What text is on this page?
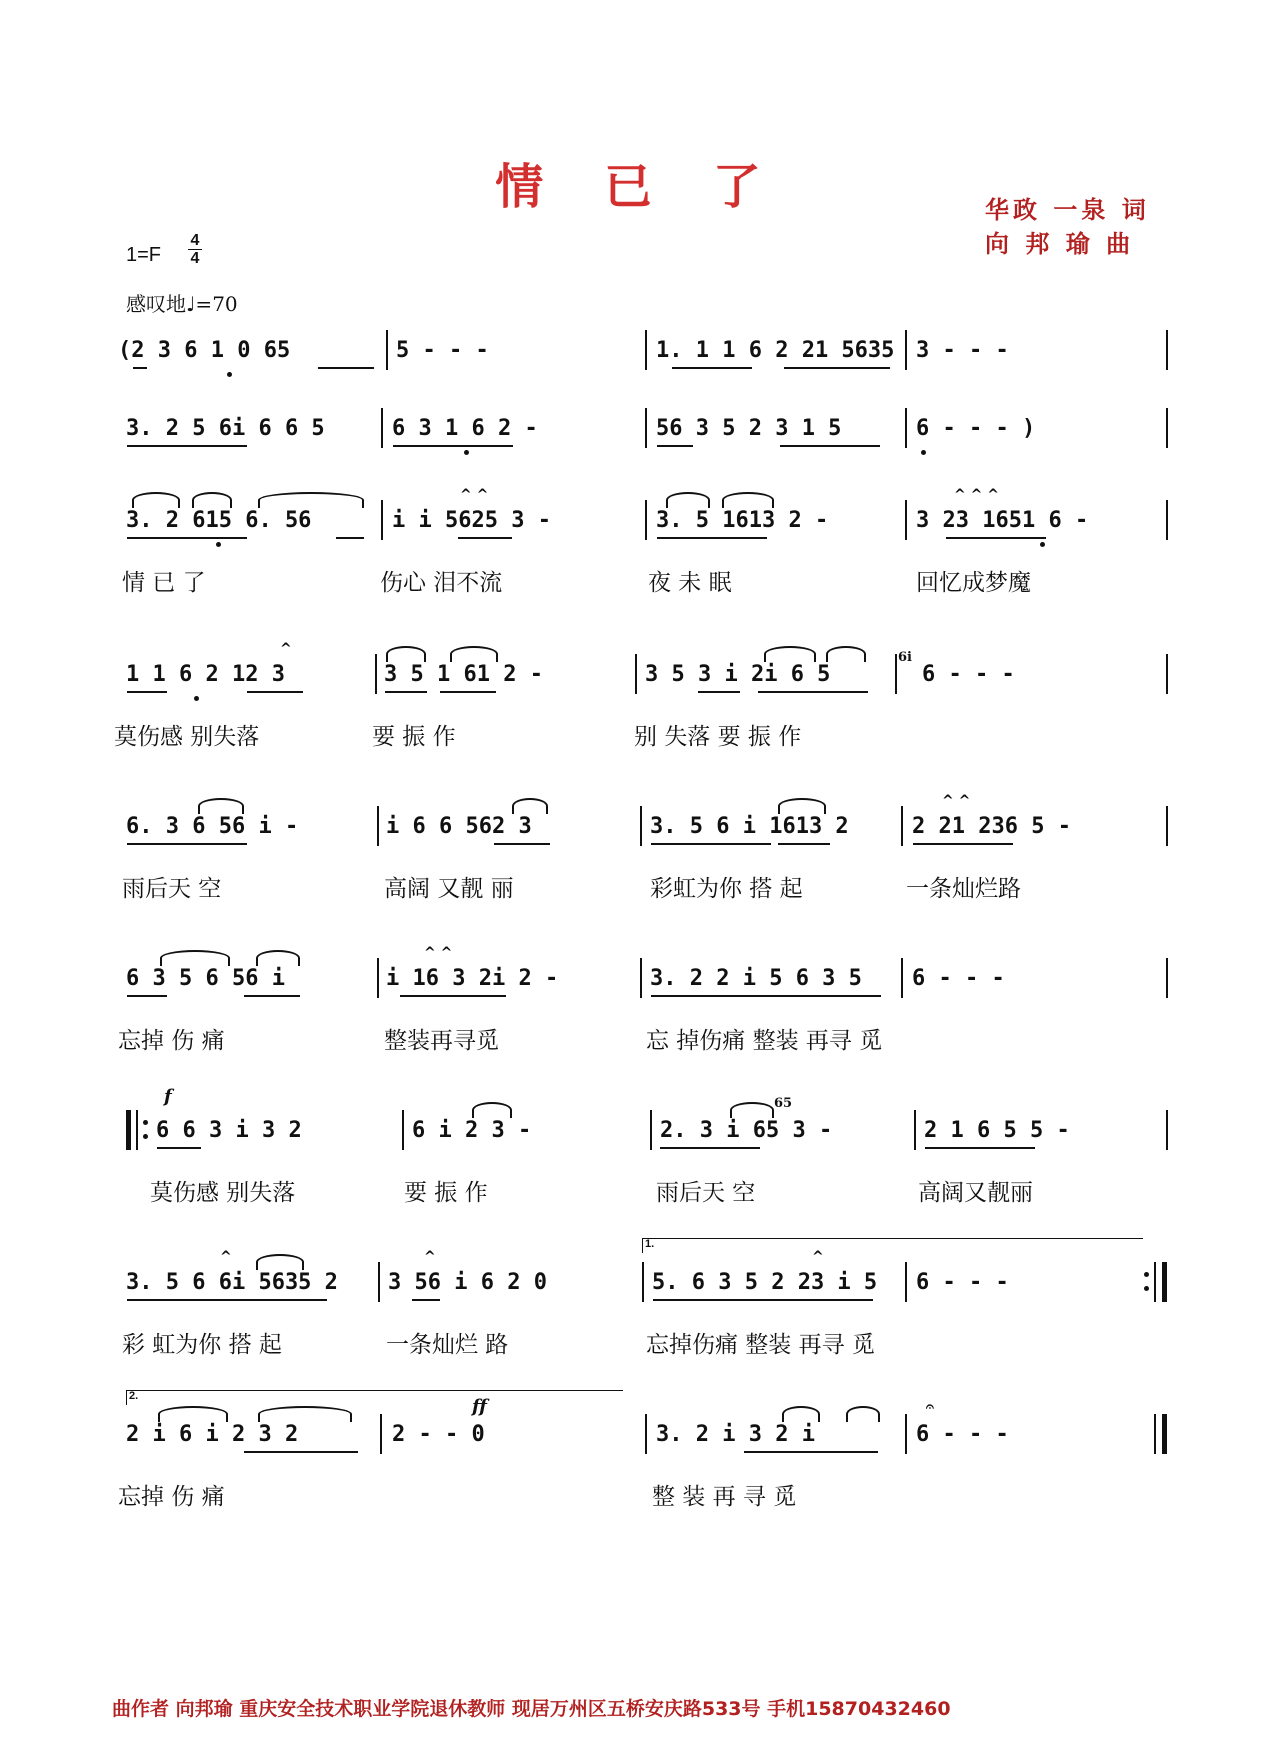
情 已 了	华政 一泉 词
向 邦 瑜 曲
1=F
4
4
感叹地♩=70
(2 3 6 1 0 65	5 - - -	1. 1 1 6 2 21 5635 3 - - -
3. 2 5 6i 6 6 5	6 3 1 6 2 -	56 3 5 2 3 1 5	6 - - - )
3. 2 615 6. 56	i i 5625 3 -	3. 5 1613 2 -	3 23 1651 6 -
^ ^	^ ^ ^
情 已 了	伤心 泪不流	夜 未 眠	回忆成梦魔
1 1 6 2 12 3	3 5 1 61 2 -	3 5 3 i 2i 6 5	6 - - -
6i
^
莫伤感 别失落	要 振 作	别 失落 要 振 作
6. 3 6 56 i -	i 6 6 562 3	3. 5 6 i 1613 2	2 21 236 5 -
^ ^
雨后天 空	高阔 又靓 丽	彩虹为你 搭 起	一条灿烂路
6 3 5 6 56 i	i 16 3 2i 2 -	3. 2 2 i 5 6 3 5 6 - - -
^ ^
忘掉 伤 痛	整装再寻觅	忘 掉伤痛 整装 再寻 觅
f
6 6 3 i 3 2	6 i 2 3 -	2. 3 i 65 3 -	2 1 6 5 5 -
65
莫伤感 别失落	要 振 作	雨后天 空	高阔又靓丽
3. 5 6 6i 5635 2 3 56 i 6 2 0	5. 6 3 5 2 23 i 5 6 - - -
1.
^	^	^
彩 虹为你 搭 起	一条灿烂 路	忘掉伤痛 整装 再寻 觅
2.	ff
2 i 6 i 2 3 2	2 - - 0	3. 2 i 3 2 i	6 - - -
𝄐
忘掉 伤 痛	整 装 再 寻 觅
曲作者 向邦瑜 重庆安全技术职业学院退休教师 现居万州区五桥安庆路533号 手机15870432460
